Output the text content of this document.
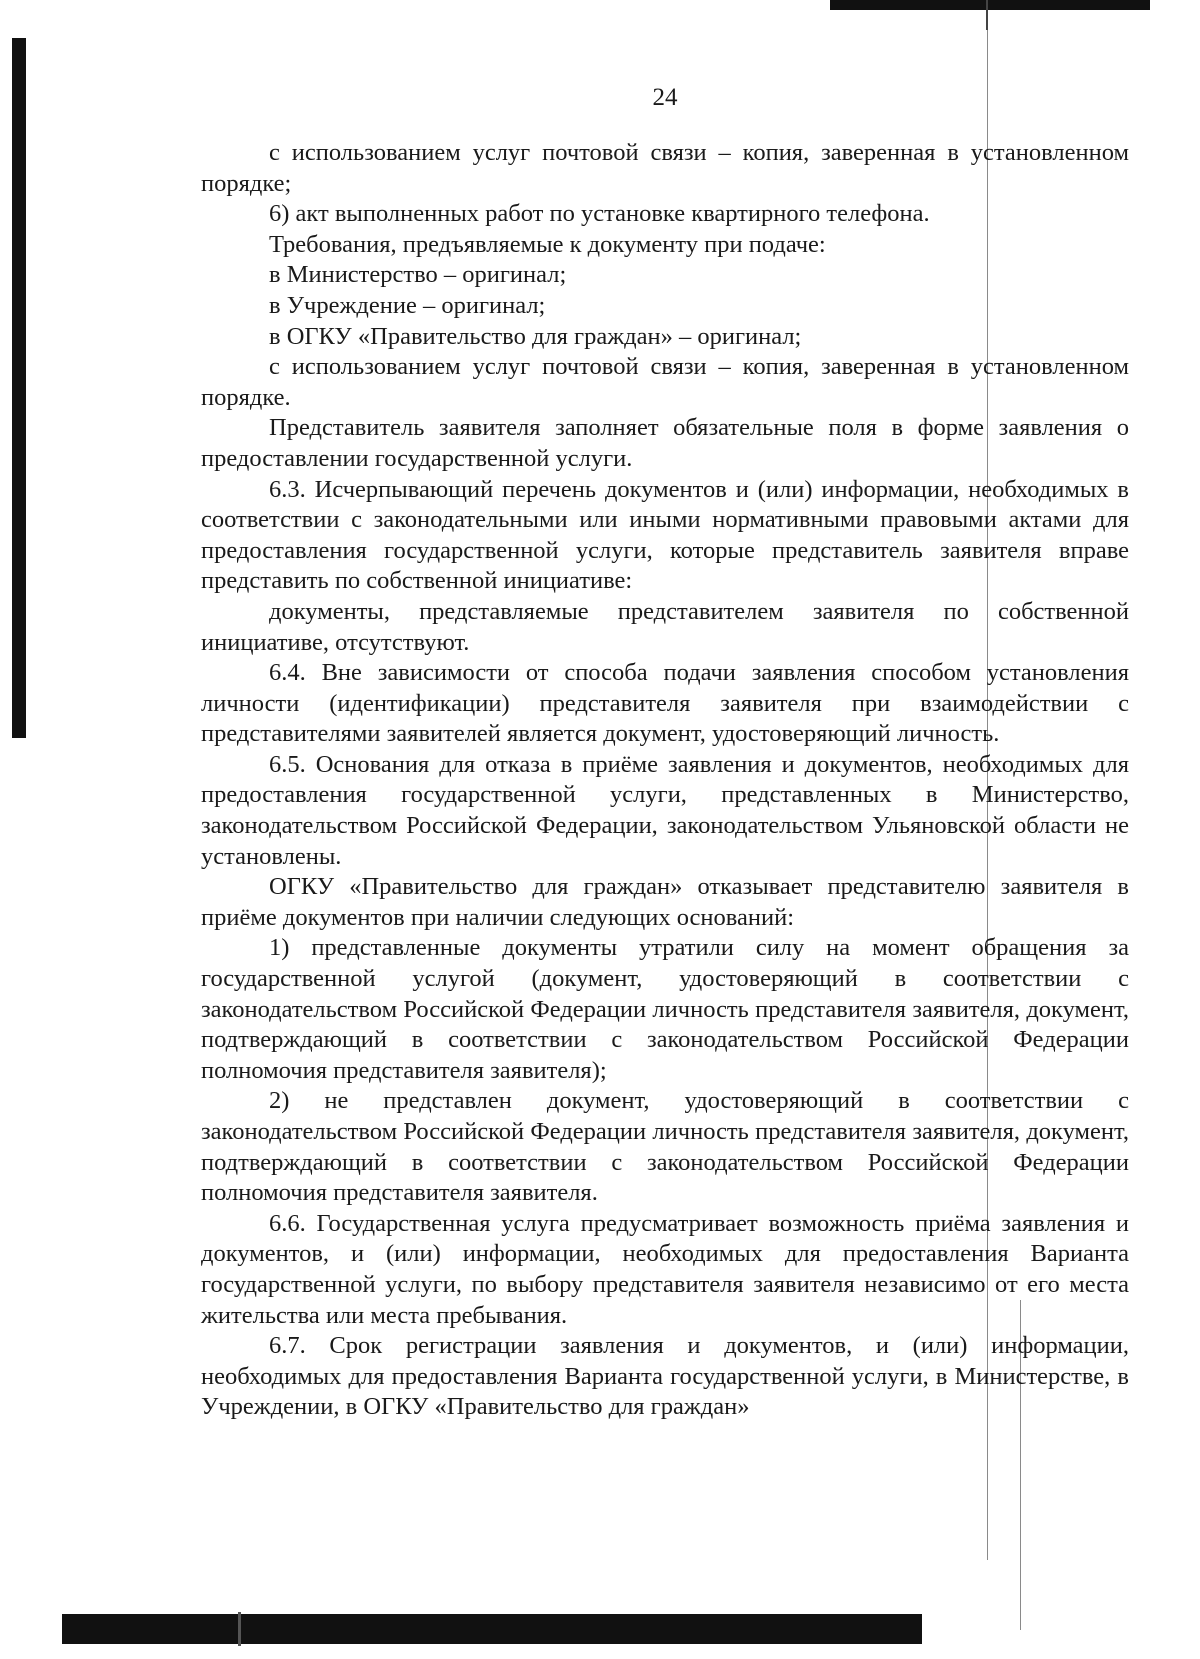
24

с использованием услуг почтовой связи – копия, заверенная в установленном порядке;

6) акт выполненных работ по установке квартирного телефона.

Требования, предъявляемые к документу при подаче:

в Министерство – оригинал;

в Учреждение – оригинал;

в ОГКУ «Правительство для граждан» – оригинал;

с использованием услуг почтовой связи – копия, заверенная в установленном порядке.

Представитель заявителя заполняет обязательные поля в форме заявления о предоставлении государственной услуги.

6.3. Исчерпывающий перечень документов и (или) информации, необходимых в соответствии с законодательными или иными нормативными правовыми актами для предоставления государственной услуги, которые представитель заявителя вправе представить по собственной инициативе:

документы, представляемые представителем заявителя по собственной инициативе, отсутствуют.

6.4. Вне зависимости от способа подачи заявления способом установления личности (идентификации) представителя заявителя при взаимодействии с представителями заявителей является документ, удостоверяющий личность.

6.5. Основания для отказа в приёме заявления и документов, необходимых для предоставления государственной услуги, представленных в Министерство, законодательством Российской Федерации, законодательством Ульяновской области не установлены.

ОГКУ «Правительство для граждан» отказывает представителю заявителя в приёме документов при наличии следующих оснований:

1) представленные документы утратили силу на момент обращения за государственной услугой (документ, удостоверяющий в соответствии с законодательством Российской Федерации личность представителя заявителя, документ, подтверждающий в соответствии с законодательством Российской Федерации полномочия представителя заявителя);

2) не представлен документ, удостоверяющий в соответствии с законодательством Российской Федерации личность представителя заявителя, документ, подтверждающий в соответствии с законодательством Российской Федерации полномочия представителя заявителя.

6.6. Государственная услуга предусматривает возможность приёма заявления и документов, и (или) информации, необходимых для предоставления Варианта государственной услуги, по выбору представителя заявителя независимо от его места жительства или места пребывания.

6.7. Срок регистрации заявления и документов, и (или) информации, необходимых для предоставления Варианта государственной услуги, в Министерстве, в Учреждении, в ОГКУ «Правительство для граждан»
